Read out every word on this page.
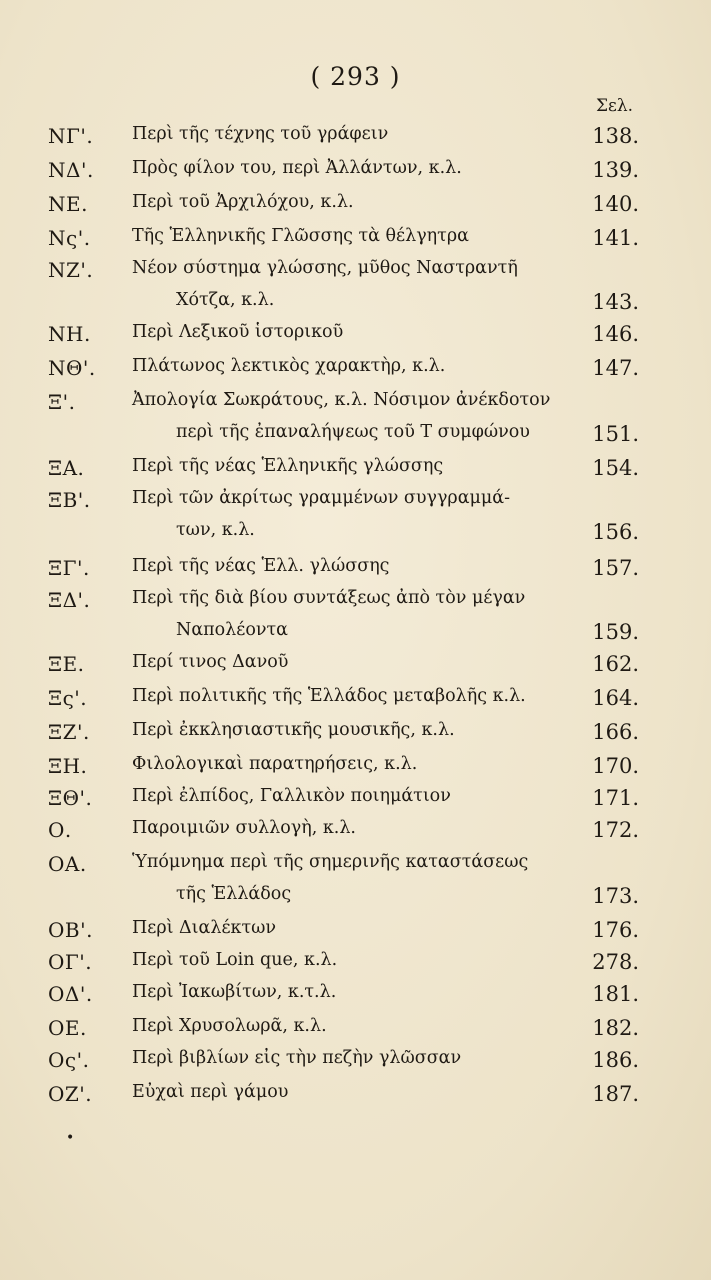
( 293 )
Σελ.
ΝΓ'.	Περὶ τῆς τέχνης τοῦ γράφειν	138.
ΝΔ'.	Πρὸς φίλον του, περὶ Ἀλλάντων, κ.λ.	139.
ΝΕ.	Περὶ τοῦ Ἀρχιλόχου, κ.λ.	140.
Νς'.	Τῆς Ἑλληνικῆς Γλῶσσης τὰ θέλγητρα	141.
ΝΖ'.	Νέον σύστημα γλώσσης, μῦθος Ναστραντῆ
Χότζα, κ.λ.	143.
ΝΗ.	Περὶ Λεξικοῦ ἱστορικοῦ	146.
ΝΘ'.	Πλάτωνος λεκτικὸς χαρακτὴρ, κ.λ.	147.
Ξ'.	Ἀπολογία Σωκράτους, κ.λ. Νόσιμον ἀνέκδοτον
περὶ τῆς ἐπαναλήψεως τοῦ Τ συμφώνου	151.
ΞΑ.	Περὶ τῆς νέας Ἑλληνικῆς γλώσσης	154.
ΞΒ'.	Περὶ τῶν ἀκρίτως γραμμένων συγγραμμά-
των, κ.λ.	156.
ΞΓ'.	Περὶ τῆς νέας Ἑλλ. γλώσσης	157.
ΞΔ'.	Περὶ τῆς διὰ βίου συντάξεως ἀπὸ τὸν μέγαν
Ναπολέοντα	159.
ΞΕ.	Περί τινος Δανοῦ	162.
Ξς'.	Περὶ πολιτικῆς τῆς Ἑλλάδος μεταβολῆς κ.λ.	164.
ΞΖ'.	Περὶ ἐκκλησιαστικῆς μουσικῆς, κ.λ.	166.
ΞΗ.	Φιλολογικαὶ παρατηρήσεις, κ.λ.	170.
ΞΘ'.	Περὶ ἐλπίδος, Γαλλικὸν ποιημάτιον	171.
Ο.	Παροιμιῶν συλλογὴ, κ.λ.	172.
ΟΑ.	Ὑπόμνημα περὶ τῆς σημερινῆς καταστάσεως
τῆς Ἑλλάδος	173.
ΟΒ'.	Περὶ Διαλέκτων	176.
ΟΓ'.	Περὶ τοῦ Loin que, κ.λ.	278.
ΟΔ'.	Περὶ Ἰακωβίτων, κ.τ.λ.	181.
ΟΕ.	Περὶ Χρυσολωρᾶ, κ.λ.	182.
Ος'.	Περὶ βιβλίων εἰς τὴν πεζὴν γλῶσσαν	186.
ΟΖ'.	Εὐχαὶ περὶ γάμου	187.
•
